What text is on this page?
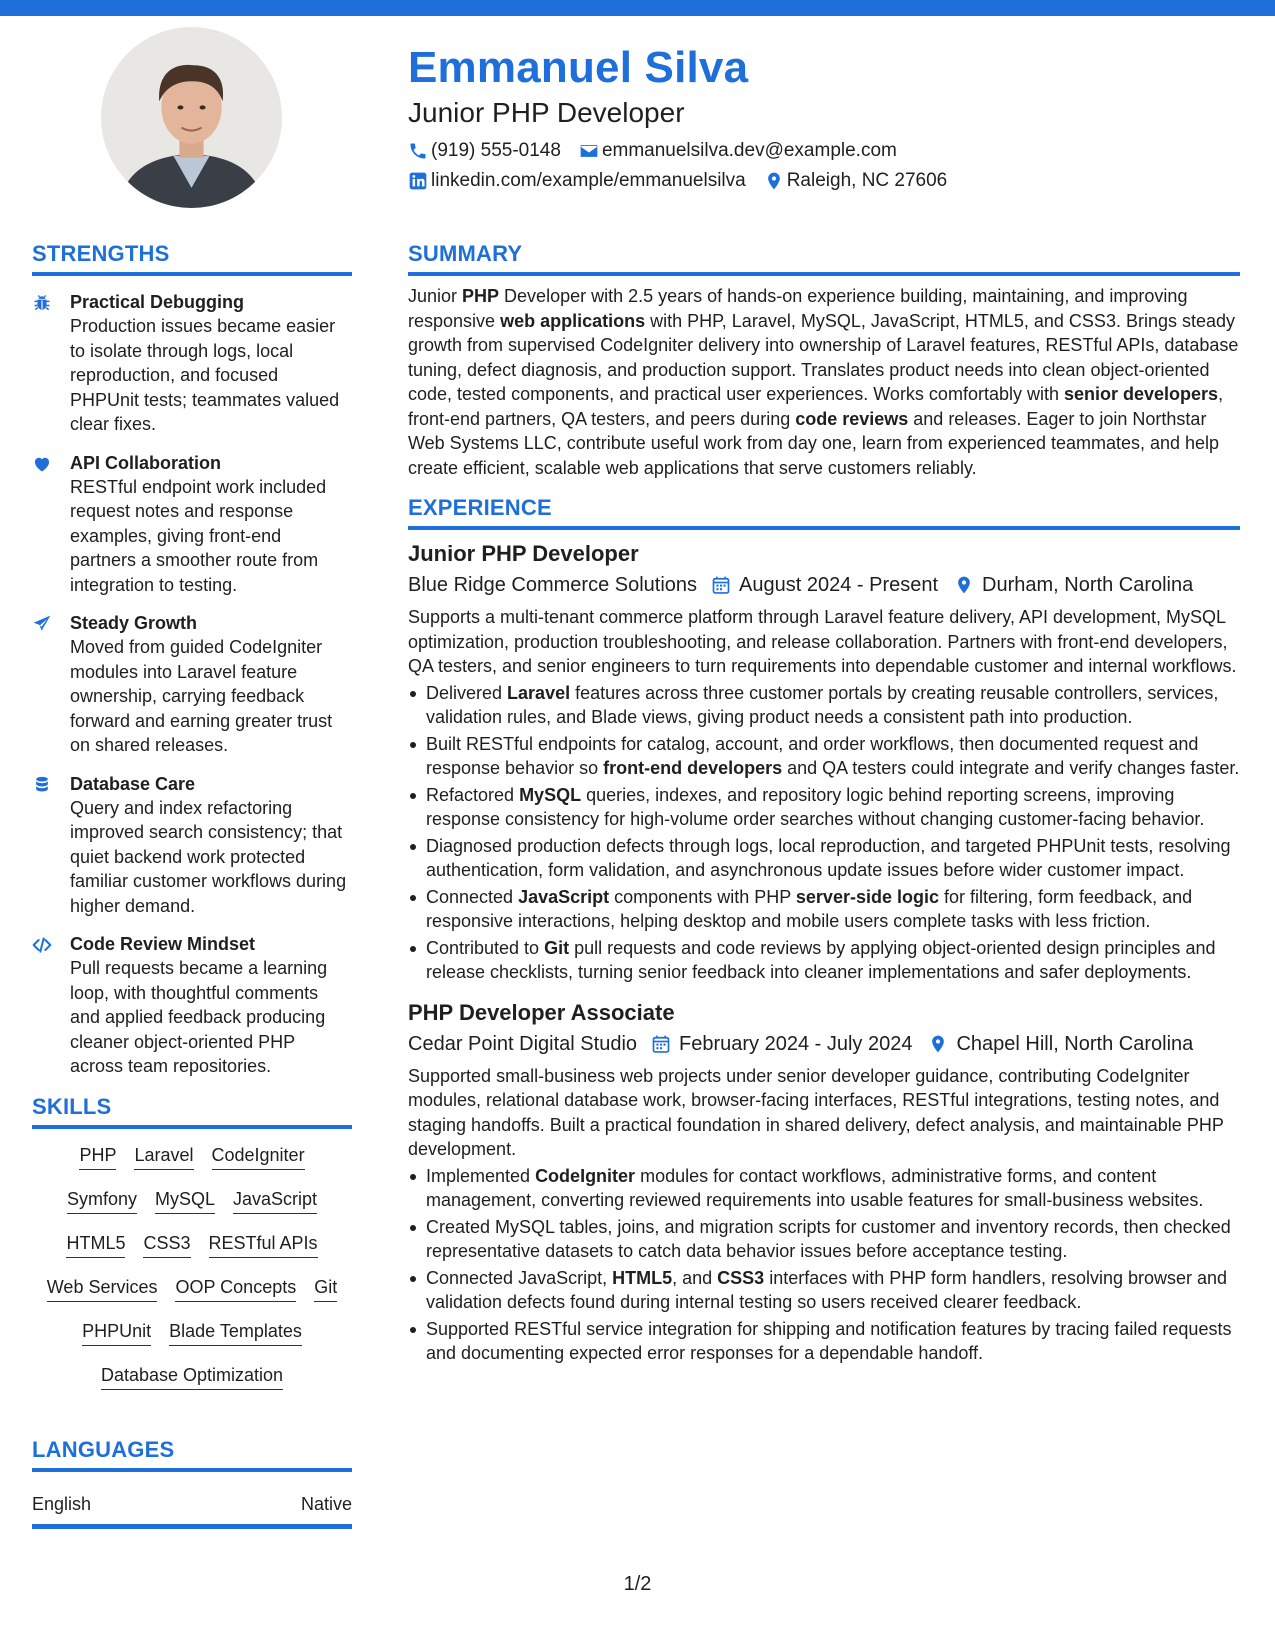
Emmanuel Silva
Junior PHP Developer
(919) 555-0148 emmanuelsilva.dev@example.com
linkedin.com/example/emmanuelsilva Raleigh, NC 27606
STRENGTHS
Practical Debugging
Production issues became easier to isolate through logs, local reproduction, and focused PHPUnit tests; teammates valued clear fixes.
API Collaboration
RESTful endpoint work included request notes and response examples, giving front-end partners a smoother route from integration to testing.
Steady Growth
Moved from guided CodeIgniter modules into Laravel feature ownership, carrying feedback forward and earning greater trust on shared releases.
Database Care
Query and index refactoring improved search consistency; that quiet backend work protected familiar customer workflows during higher demand.
Code Review Mindset
Pull requests became a learning loop, with thoughtful comments and applied feedback producing cleaner object-oriented PHP across team repositories.
SKILLS
PHP Laravel CodeIgniter
Symfony MySQL JavaScript
HTML5 CSS3 RESTful APIs
Web Services OOP Concepts Git
PHPUnit Blade Templates
Database Optimization
LANGUAGES
English	Native
SUMMARY
Junior PHP Developer with 2.5 years of hands-on experience building, maintaining, and improving responsive web applications with PHP, Laravel, MySQL, JavaScript, HTML5, and CSS3. Brings steady growth from supervised CodeIgniter delivery into ownership of Laravel features, RESTful APIs, database tuning, defect diagnosis, and production support. Translates product needs into clean object-oriented code, tested components, and practical user experiences. Works comfortably with senior developers, front-end partners, QA testers, and peers during code reviews and releases. Eager to join Northstar Web Systems LLC, contribute useful work from day one, learn from experienced teammates, and help create efficient, scalable web applications that serve customers reliably.
EXPERIENCE
Junior PHP Developer
Blue Ridge Commerce Solutions August 2024 - Present Durham, North Carolina
Supports a multi-tenant commerce platform through Laravel feature delivery, API development, MySQL optimization, production troubleshooting, and release collaboration. Partners with front-end developers, QA testers, and senior engineers to turn requirements into dependable customer and internal workflows.
Delivered Laravel features across three customer portals by creating reusable controllers, services, validation rules, and Blade views, giving product needs a consistent path into production.
Built RESTful endpoints for catalog, account, and order workflows, then documented request and response behavior so front-end developers and QA testers could integrate and verify changes faster.
Refactored MySQL queries, indexes, and repository logic behind reporting screens, improving response consistency for high-volume order searches without changing customer-facing behavior.
Diagnosed production defects through logs, local reproduction, and targeted PHPUnit tests, resolving authentication, form validation, and asynchronous update issues before wider customer impact.
Connected JavaScript components with PHP server-side logic for filtering, form feedback, and responsive interactions, helping desktop and mobile users complete tasks with less friction.
Contributed to Git pull requests and code reviews by applying object-oriented design principles and release checklists, turning senior feedback into cleaner implementations and safer deployments.
PHP Developer Associate
Cedar Point Digital Studio February 2024 - July 2024 Chapel Hill, North Carolina
Supported small-business web projects under senior developer guidance, contributing CodeIgniter modules, relational database work, browser-facing interfaces, RESTful integrations, testing notes, and staging handoffs. Built a practical foundation in shared delivery, defect analysis, and maintainable PHP development.
Implemented CodeIgniter modules for contact workflows, administrative forms, and content management, converting reviewed requirements into usable features for small-business websites.
Created MySQL tables, joins, and migration scripts for customer and inventory records, then checked representative datasets to catch data behavior issues before acceptance testing.
Connected JavaScript, HTML5, and CSS3 interfaces with PHP form handlers, resolving browser and validation defects found during internal testing so users received clearer feedback.
Supported RESTful service integration for shipping and notification features by tracing failed requests and documenting expected error responses for a dependable handoff.
1/2
